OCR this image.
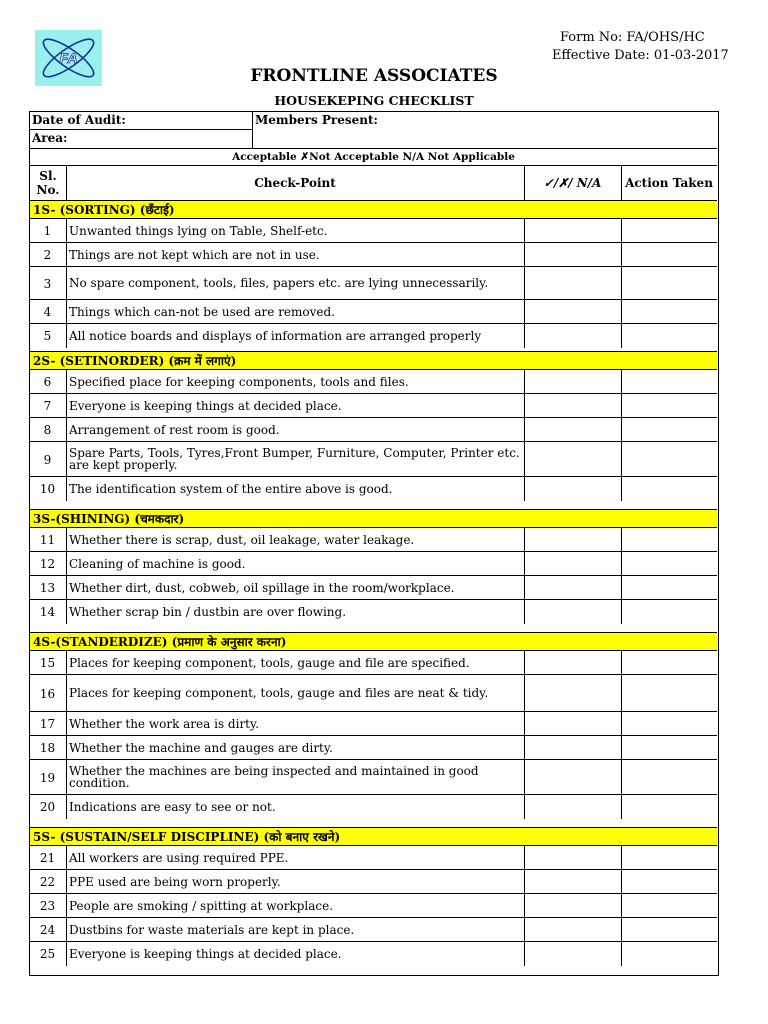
FA
Form No: FA/OHS/HC
Effective Date: 01-03-2017
FRONTLINE ASSOCIATES
HOUSEKEPING CHECKLIST
Date of Audit:
Area:
Members Present:
Acceptable ✗Not Acceptable N/A Not Applicable
Sl. No.	Check-Point	✓/✗/ N/A	Action Taken
1S- (SORTING) (छँटाई)
1	Unwanted things lying on Table, Shelf-etc.
2	Things are not kept which are not in use.
3	No spare component, tools, files, papers etc. are lying unnecessarily.
4	Things which can-not be used are removed.
5	All notice boards and displays of information are arranged properly
2S- (SETINORDER) (क्रम में लगाएं)
6	Specified place for keeping components, tools and files.
7	Everyone is keeping things at decided place.
8	Arrangement of rest room is good.
9	Spare Parts, Tools, Tyres,Front Bumper, Furniture, Computer, Printer etc. are kept properly.
10	The identification system of the entire above is good.
3S-(SHINING) (चमकदार)
11	Whether there is scrap, dust, oil leakage, water leakage.
12	Cleaning of machine is good.
13	Whether dirt, dust, cobweb, oil spillage in the room/workplace.
14	Whether scrap bin / dustbin are over flowing.
4S-(STANDERDIZE) (प्रमाण के अनुसार करना)
15	Places for keeping component, tools, gauge and file are specified.
16	Places for keeping component, tools, gauge and files are neat & tidy.
17	Whether the work area is dirty.
18	Whether the machine and gauges are dirty.
19	Whether the machines are being inspected and maintained in good condition.
20	Indications are easy to see or not.
5S- (SUSTAIN/SELF DISCIPLINE) (को बनाए रखने)
21	All workers are using required PPE.
22	PPE used are being worn properly.
23	People are smoking / spitting at workplace.
24	Dustbins for waste materials are kept in place.
25	Everyone is keeping things at decided place.
